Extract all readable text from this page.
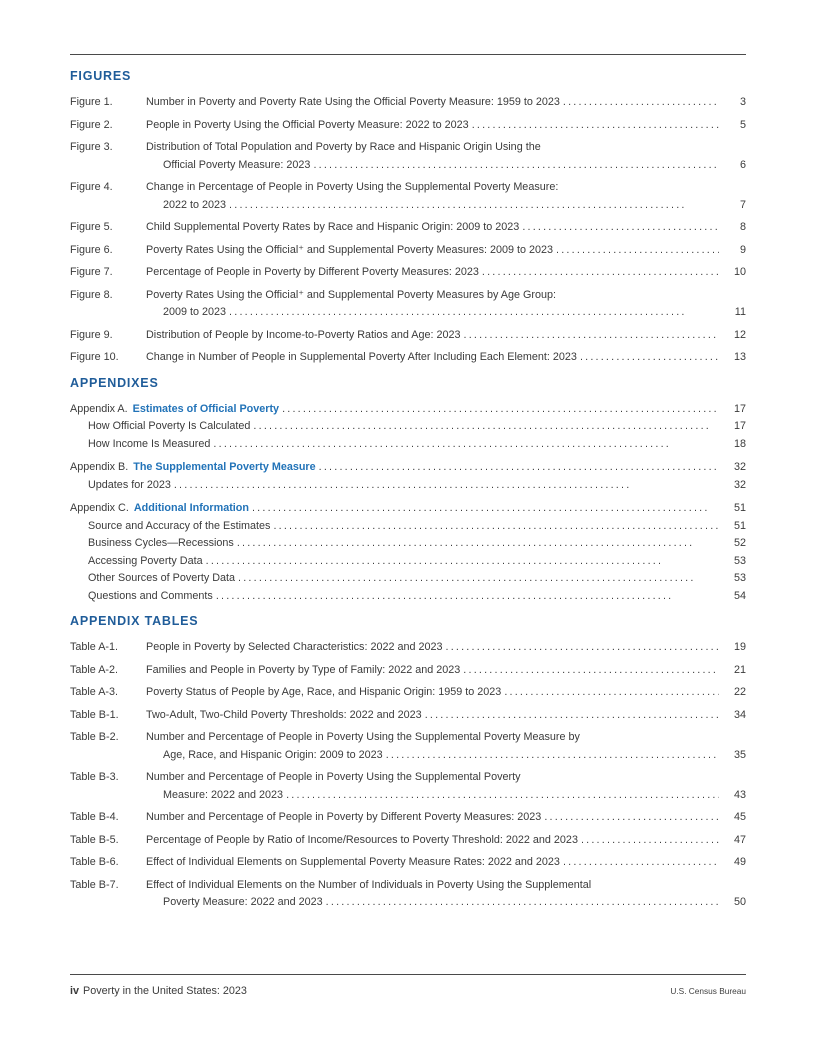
FIGURES
Figure 1.	Number in Poverty and Poverty Rate Using the Official Poverty Measure: 1959 to 2023 . . .	3
Figure 2.	People in Poverty Using the Official Poverty Measure: 2022 to 2023 . . .	5
Figure 3.	Distribution of Total Population and Poverty by Race and Hispanic Origin Using the
Official Poverty Measure: 2023 . . .	6
Figure 4.	Change in Percentage of People in Poverty Using the Supplemental Poverty Measure:
2022 to 2023 . . .	7
Figure 5.	Child Supplemental Poverty Rates by Race and Hispanic Origin: 2009 to 2023 . . .	8
Figure 6.	Poverty Rates Using the Official⁺ and Supplemental Poverty Measures: 2009 to 2023 . . .	9
Figure 7.	Percentage of People in Poverty by Different Poverty Measures: 2023 . . .	10
Figure 8.	Poverty Rates Using the Official⁺ and Supplemental Poverty Measures by Age Group:
2009 to 2023 . . .	11
Figure 9.	Distribution of People by Income-to-Poverty Ratios and Age: 2023 . . .	12
Figure 10.	Change in Number of People in Supplemental Poverty After Including Each Element: 2023 . . .	13
APPENDIXES
Appendix A. Estimates of Official Poverty . . .	17
How Official Poverty Is Calculated . . .	17
How Income Is Measured . . .	18
Appendix B. The Supplemental Poverty Measure . . .	32
Updates for 2023 . . .	32
Appendix C. Additional Information . . .	51
Source and Accuracy of the Estimates . . .	51
Business Cycles—Recessions . . .	52
Accessing Poverty Data . . .	53
Other Sources of Poverty Data . . .	53
Questions and Comments . . .	54
APPENDIX TABLES
Table A-1.	People in Poverty by Selected Characteristics: 2022 and 2023 . . .	19
Table A-2.	Families and People in Poverty by Type of Family: 2022 and 2023 . . .	21
Table A-3.	Poverty Status of People by Age, Race, and Hispanic Origin: 1959 to 2023 . . .	22
Table B-1.	Two-Adult, Two-Child Poverty Thresholds: 2022 and 2023 . . .	34
Table B-2.	Number and Percentage of People in Poverty Using the Supplemental Poverty Measure by
Age, Race, and Hispanic Origin: 2009 to 2023 . . .	35
Table B-3.	Number and Percentage of People in Poverty Using the Supplemental Poverty
Measure: 2022 and 2023 . . .	43
Table B-4.	Number and Percentage of People in Poverty by Different Poverty Measures: 2023 . . .	45
Table B-5.	Percentage of People by Ratio of Income/Resources to Poverty Threshold: 2022 and 2023 . . .	47
Table B-6.	Effect of Individual Elements on Supplemental Poverty Measure Rates: 2022 and 2023 . . .	49
Table B-7.	Effect of Individual Elements on the Number of Individuals in Poverty Using the Supplemental
Poverty Measure: 2022 and 2023 . . .	50
iv Poverty in the United States: 2023	U.S. Census Bureau
